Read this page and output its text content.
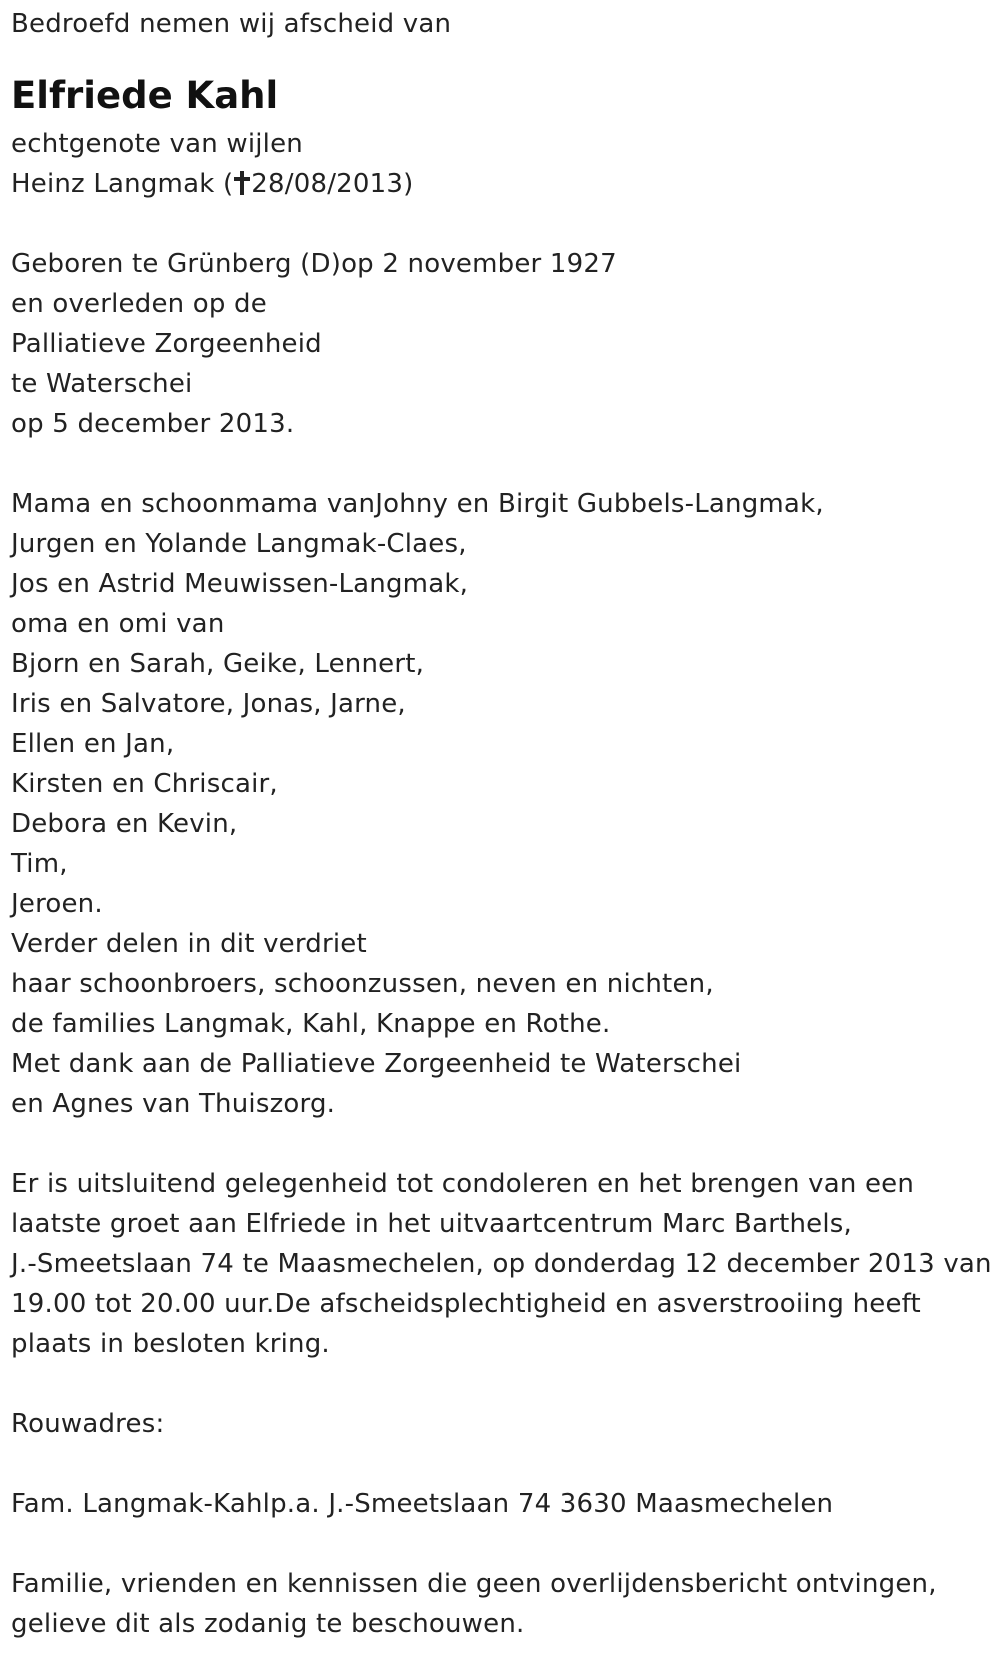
Bedroefd nemen wij afscheid van
Elfriede Kahl
echtgenote van wijlen
Heinz Langmak ( 28/08/2013)
Geboren te Grünberg (D)op 2 november 1927
en overleden op de
Palliatieve Zorgeenheid
te Waterschei
op 5 december 2013.
Mama en schoonmama vanJohny en Birgit Gubbels-Langmak,
Jurgen en Yolande Langmak-Claes,
Jos en Astrid Meuwissen-Langmak,
oma en omi van
Bjorn en Sarah, Geike, Lennert,
Iris en Salvatore, Jonas, Jarne,
Ellen en Jan,
Kirsten en Chriscair,
Debora en Kevin,
Tim,
Jeroen.
Verder delen in dit verdriet
haar schoonbroers, schoonzussen, neven en nichten,
de families Langmak, Kahl, Knappe en Rothe.
Met dank aan de Palliatieve Zorgeenheid te Waterschei
en Agnes van Thuiszorg.
Er is uitsluitend gelegenheid tot condoleren en het brengen van een
laatste groet aan Elfriede in het uitvaartcentrum Marc Barthels,
J.-Smeetslaan 74 te Maasmechelen, op donderdag 12 december 2013 van
19.00 tot 20.00 uur.De afscheidsplechtigheid en asverstrooiing heeft
plaats in besloten kring.
Rouwadres:
Fam. Langmak-Kahlp.a. J.-Smeetslaan 74 3630 Maasmechelen
Familie, vrienden en kennissen die geen overlijdensbericht ontvingen,
gelieve dit als zodanig te beschouwen.
